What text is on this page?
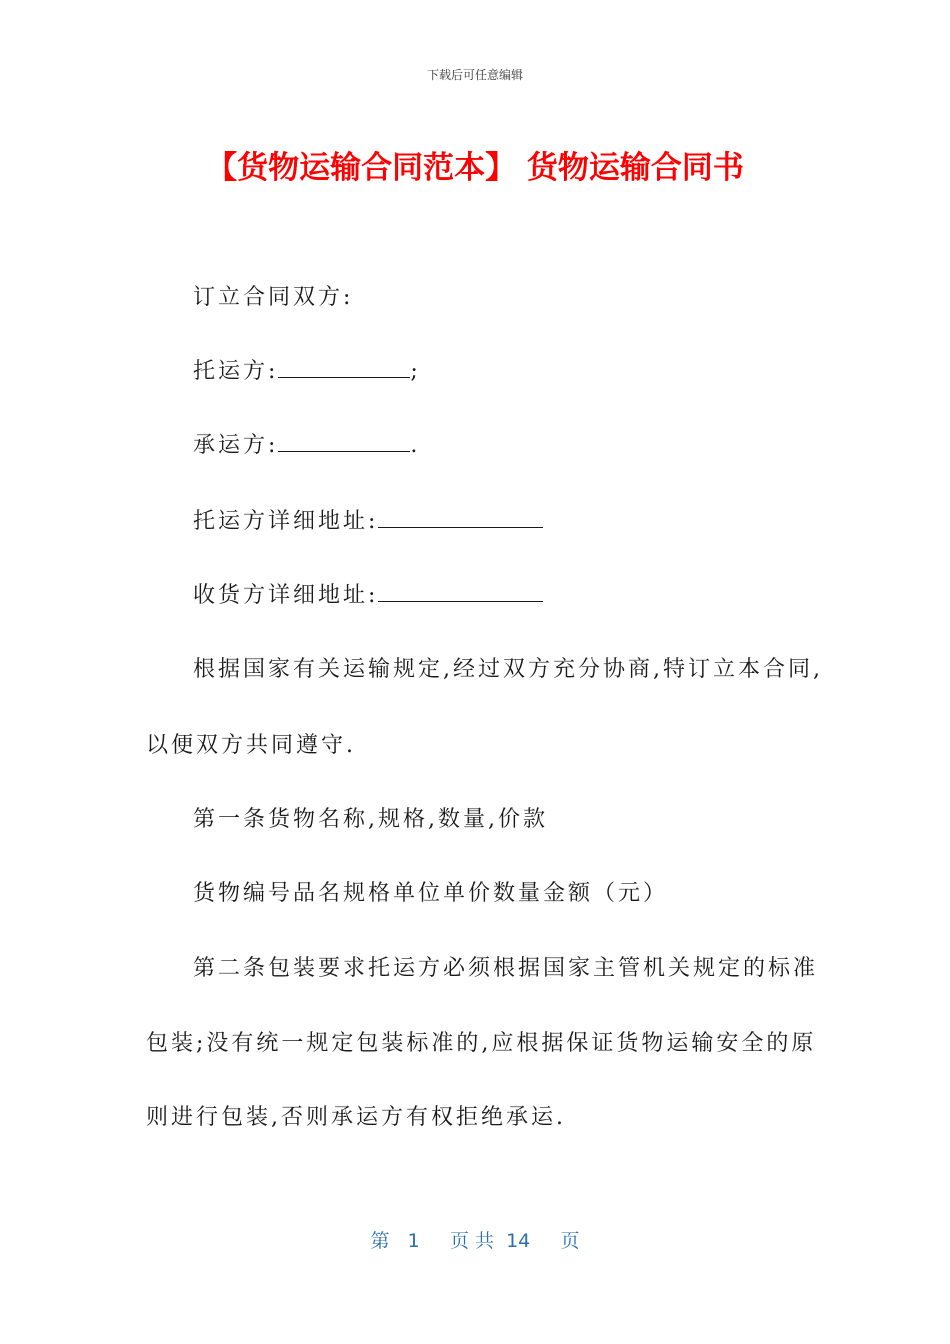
下载后可任意编辑
【货物运输合同范本】 货物运输合同书
订立合同双方:
托运方:	;
承运方:	.
托运方详细地址:
收货方详细地址:
根据国家有关运输规定,经过双方充分协商,特订立本合同,
以便双方共同遵守.
第一条货物名称,规格,数量,价款
货物编号品名规格单位单价数量金额（元）
第二条包装要求托运方必须根据国家主管机关规定的标准
包装;没有统一规定包装标准的,应根据保证货物运输安全的原
则进行包装,否则承运方有权拒绝承运.
第   1     页 共  14     页
